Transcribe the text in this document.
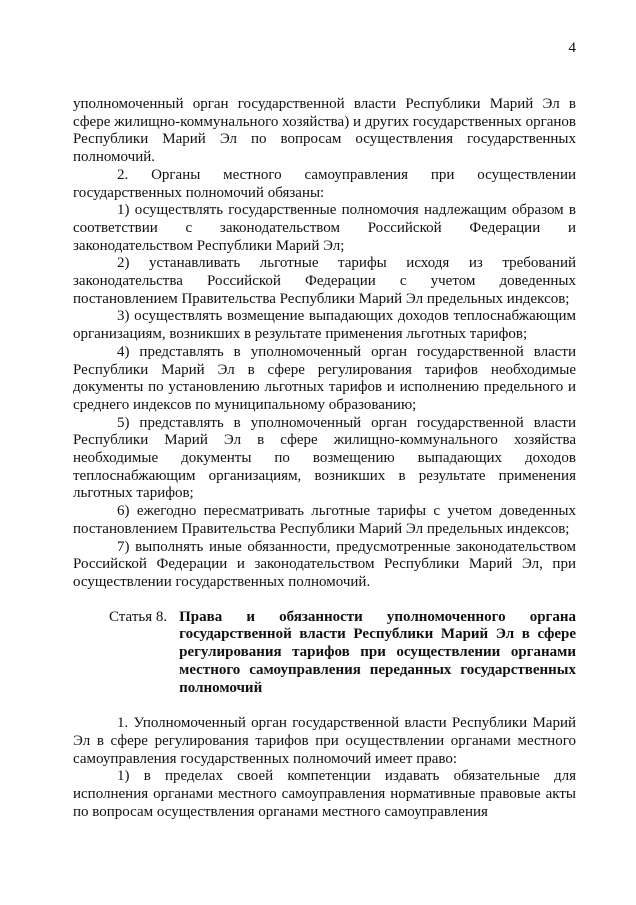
4

уполномоченный орган государственной власти Республики Марий Эл в сфере жилищно-коммунального хозяйства) и других государственных органов Республики Марий Эл по вопросам осуществления государственных полномочий.

2. Органы местного самоуправления при осуществлении государственных полномочий обязаны:

1) осуществлять государственные полномочия надлежащим образом в соответствии с законодательством Российской Федерации и законодательством Республики Марий Эл;

2) устанавливать льготные тарифы исходя из требований законодательства Российской Федерации с учетом доведенных постановлением Правительства Республики Марий Эл предельных индексов;

3) осуществлять возмещение выпадающих доходов теплоснабжающим организациям, возникших в результате применения льготных тарифов;

4) представлять в уполномоченный орган государственной власти Республики Марий Эл в сфере регулирования тарифов необходимые документы по установлению льготных тарифов и исполнению предельного и среднего индексов по муниципальному образованию;

5) представлять в уполномоченный орган государственной власти Республики Марий Эл в сфере жилищно-коммунального хозяйства необходимые документы по возмещению выпадающих доходов теплоснабжающим организациям, возникших в результате применения льготных тарифов;

6) ежегодно пересматривать льготные тарифы с учетом доведенных постановлением Правительства Республики Марий Эл предельных индексов;

7) выполнять иные обязанности, предусмотренные законодательством Российской Федерации и законодательством Республики Марий Эл, при осуществлении государственных полномочий.

Статья 8. Права и обязанности уполномоченного органа государственной власти Республики Марий Эл в сфере регулирования тарифов при осуществлении органами местного самоуправления переданных государственных полномочий

1. Уполномоченный орган государственной власти Республики Марий Эл в сфере регулирования тарифов при осуществлении органами местного самоуправления государственных полномочий имеет право:

1) в пределах своей компетенции издавать обязательные для исполнения органами местного самоуправления нормативные правовые акты по вопросам осуществления органами местного самоуправления
